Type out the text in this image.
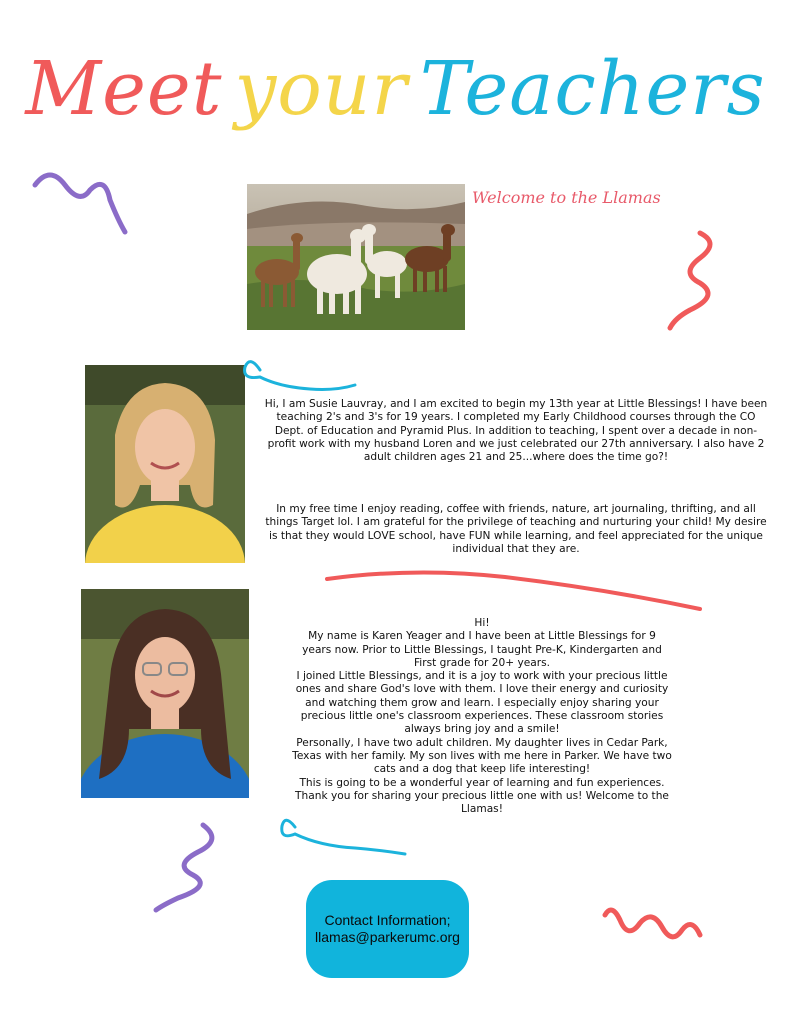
Meet your Teachers
Welcome to the Llamas

Hi, I am Susie Lauvray, and I am excited to begin my 13th year at Little Blessings! I have been teaching 2's and 3's for 19 years. I completed my Early Childhood courses through the CO Dept. of Education and Pyramid Plus. In addition to teaching, I spent over a decade in non-profit work with my husband Loren and we just celebrated our 27th anniversary. I also have 2 adult children ages 21 and 25...where does the time go?!

In my free time I enjoy reading, coffee with friends, nature, art journaling, thrifting, and all things Target lol. I am grateful for the privilege of teaching and nurturing your child! My desire is that they would LOVE school, have FUN while learning, and feel appreciated for the unique individual that they are.

Hi!

My name is Karen Yeager and I have been at Little Blessings for 9 years now. Prior to Little Blessings, I taught Pre-K, Kindergarten and First grade for 20+ years.

I joined Little Blessings, and it is a joy to work with your precious little ones and share God's love with them. I love their energy and curiosity and watching them grow and learn. I especially enjoy sharing your precious little one's classroom experiences. These classroom stories always bring joy and a smile!

Personally, I have two adult children. My daughter lives in Cedar Park, Texas with her family. My son lives with me here in Parker. We have two cats and a dog that keep life interesting!

This is going to be a wonderful year of learning and fun experiences. Thank you for sharing your precious little one with us! Welcome to the Llamas!

Contact Information;
llamas@parkerumc.org
